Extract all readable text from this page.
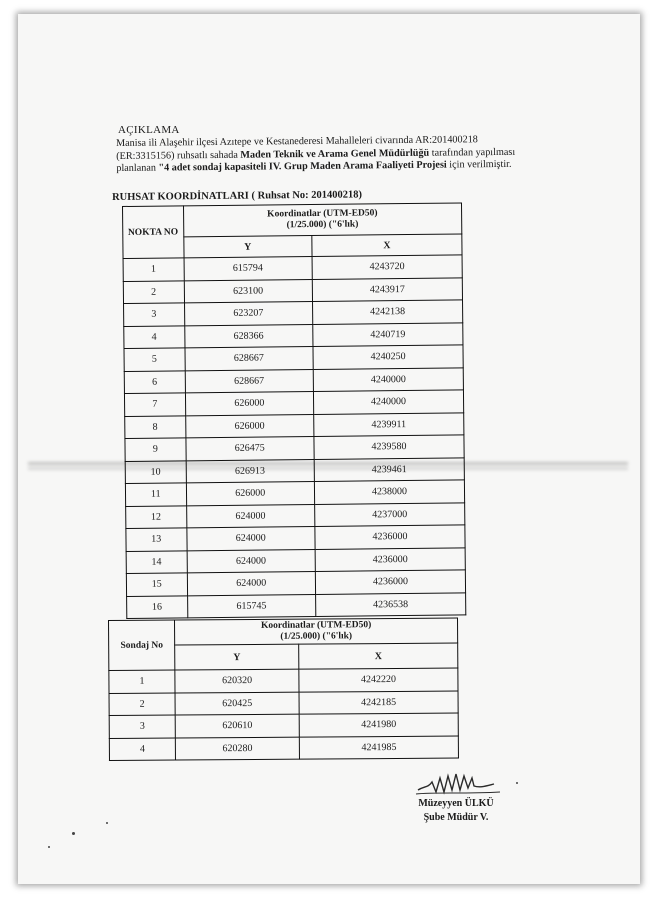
AÇIKLAMA
Manisa ili Alaşehir ilçesi Azıtepe ve Kestanederesi Mahalleleri civarında AR:201400218
(ER:3315156) ruhsatlı sahada Maden Teknik ve Arama Genel Müdürlüğü tarafından yapılması
planlanan "4 adet sondaj kapasiteli IV. Grup Maden Arama Faaliyeti Projesi için verilmiştir.
RUHSAT KOORDİNATLARI ( Ruhsat No: 201400218)
NOKTA NO	Koordinatlar (UTM-ED50)
(1/25.000) ("6'lık)	

	Y	X
1	615794	4243720
2	623100	4243917
3	623207	4242138
4	628366	4240719
5	628667	4240250
6	628667	4240000
7	626000	4240000
8	626000	4239911
9	626475	4239580
10	626913	4239461
11	626000	4238000
12	624000	4237000
13	624000	4236000
14	624000	4236000
15	624000	4236000
16	615745	4236538
Sondaj No	Koordinatlar (UTM-ED50)
(1/25.000) ("6'lık)	

	Y	X
1	620320	4242220
2	620425	4242185
3	620610	4241980
4	620280	4241985
Müzeyyen ÜLKÜ
Şube Müdür V.
